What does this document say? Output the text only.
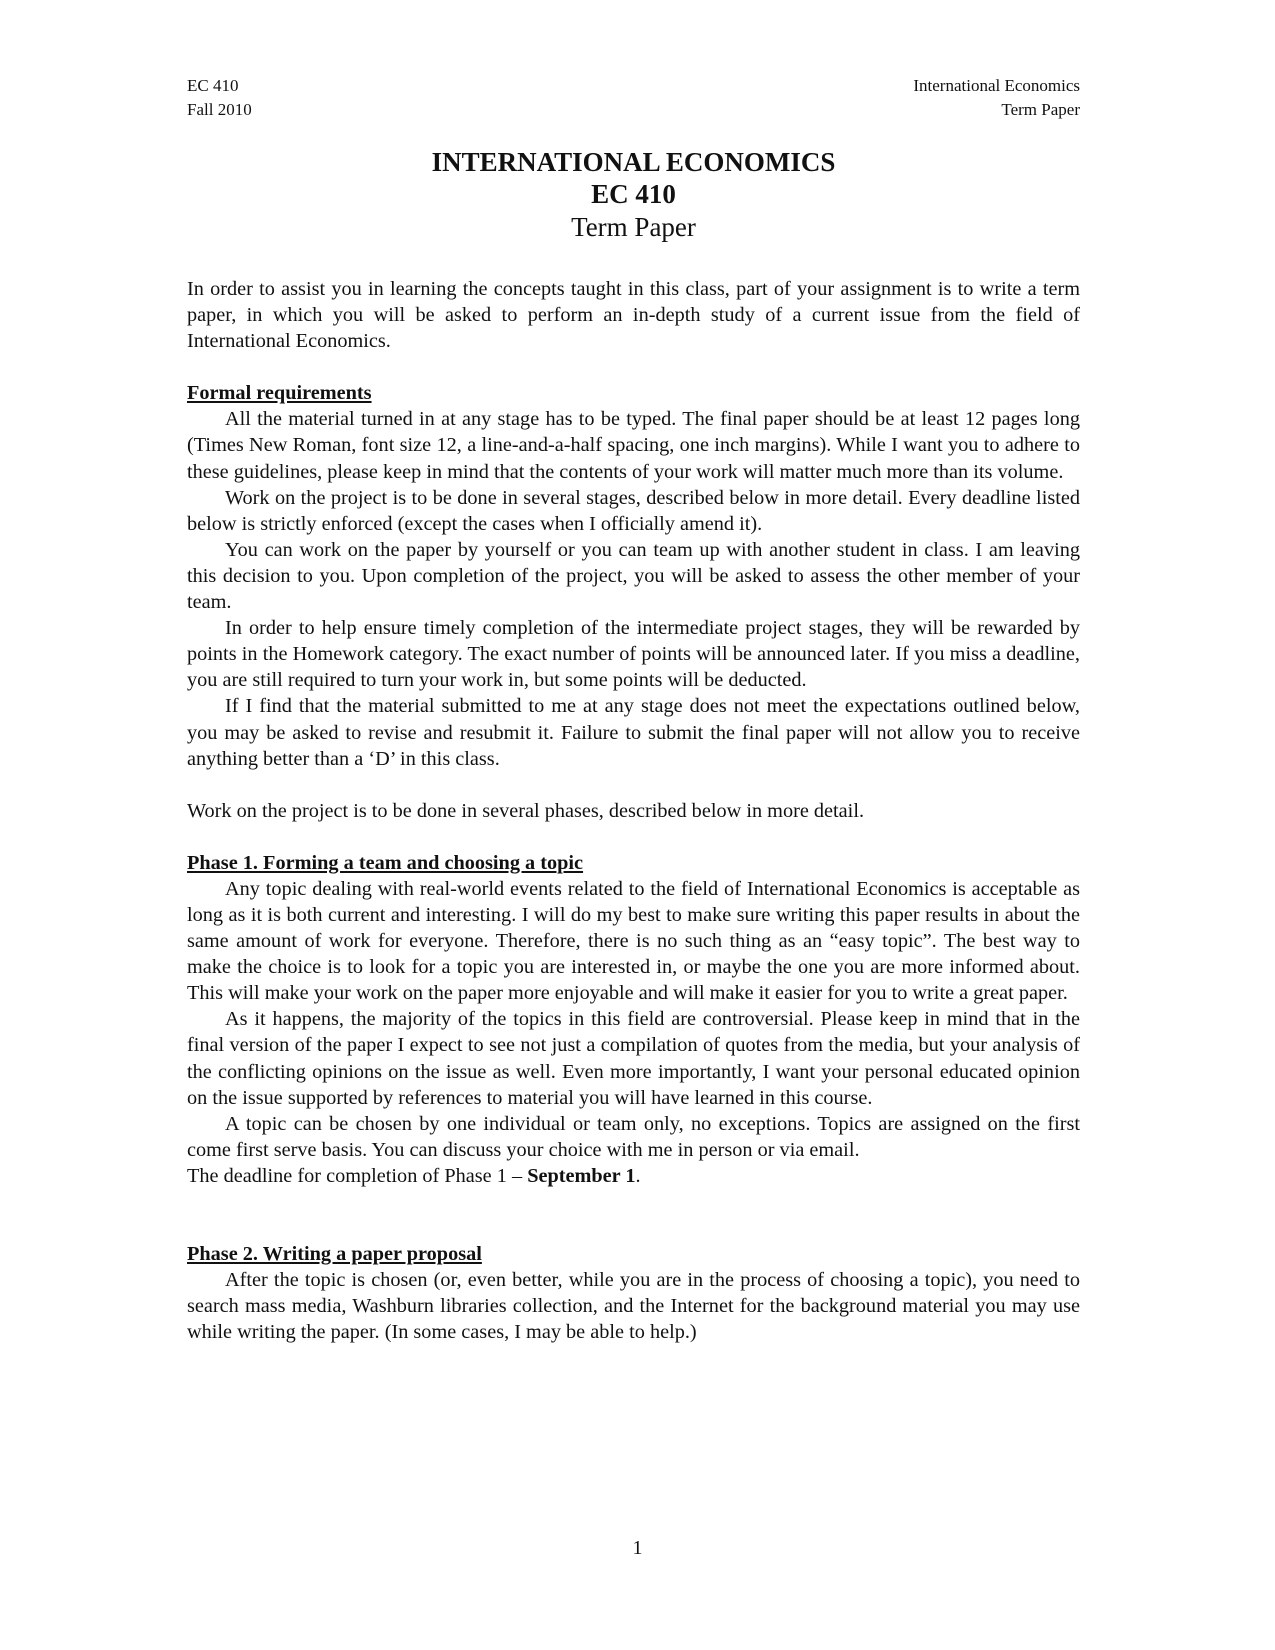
EC 410
Fall 2010
International Economics
Term Paper
INTERNATIONAL ECONOMICS
EC 410
Term Paper

In order to assist you in learning the concepts taught in this class, part of your assignment is to write a term paper, in which you will be asked to perform an in-depth study of a current issue from the field of International Economics.

Formal requirements

All the material turned in at any stage has to be typed. The final paper should be at least 12 pages long (Times New Roman, font size 12, a line-and-a-half spacing, one inch margins). While I want you to adhere to these guidelines, please keep in mind that the contents of your work will matter much more than its volume.

Work on the project is to be done in several stages, described below in more detail. Every deadline listed below is strictly enforced (except the cases when I officially amend it).

You can work on the paper by yourself or you can team up with another student in class. I am leaving this decision to you. Upon completion of the project, you will be asked to assess the other member of your team.

In order to help ensure timely completion of the intermediate project stages, they will be rewarded by points in the Homework category. The exact number of points will be announced later. If you miss a deadline, you are still required to turn your work in, but some points will be deducted.

If I find that the material submitted to me at any stage does not meet the expectations outlined below, you may be asked to revise and resubmit it. Failure to submit the final paper will not allow you to receive anything better than a ‘D’ in this class.

Work on the project is to be done in several phases, described below in more detail.

Phase 1. Forming a team and choosing a topic

Any topic dealing with real-world events related to the field of International Economics is acceptable as long as it is both current and interesting. I will do my best to make sure writing this paper results in about the same amount of work for everyone. Therefore, there is no such thing as an “easy topic”. The best way to make the choice is to look for a topic you are interested in, or maybe the one you are more informed about. This will make your work on the paper more enjoyable and will make it easier for you to write a great paper.

As it happens, the majority of the topics in this field are controversial. Please keep in mind that in the final version of the paper I expect to see not just a compilation of quotes from the media, but your analysis of the conflicting opinions on the issue as well. Even more importantly, I want your personal educated opinion on the issue supported by references to material you will have learned in this course.

A topic can be chosen by one individual or team only, no exceptions. Topics are assigned on the first come first serve basis. You can discuss your choice with me in person or via email.

The deadline for completion of Phase 1 – September 1.

Phase 2. Writing a paper proposal

After the topic is chosen (or, even better, while you are in the process of choosing a topic), you need to search mass media, Washburn libraries collection, and the Internet for the background material you may use while writing the paper. (In some cases, I may be able to help.)

1
